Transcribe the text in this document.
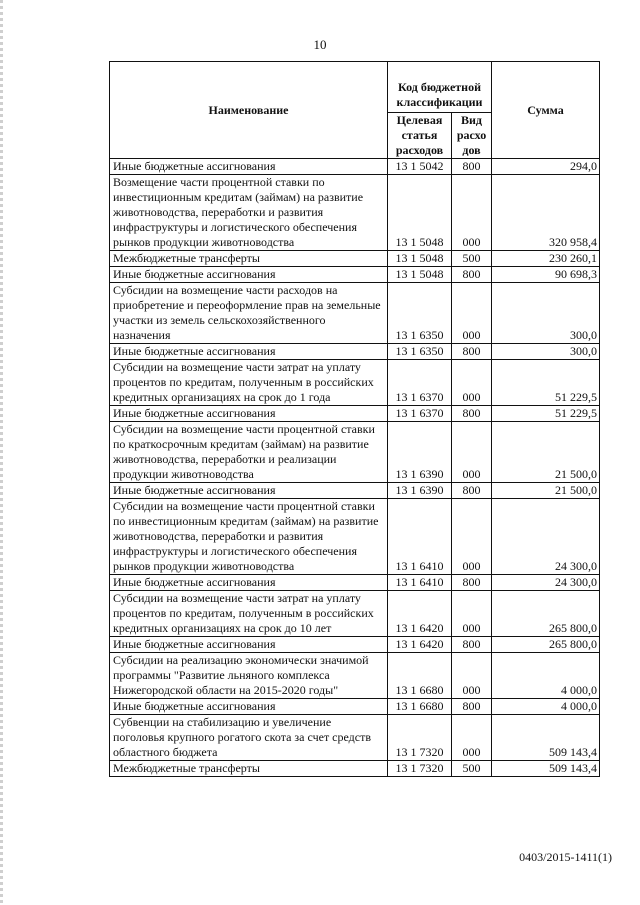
10
Наименование	Код бюджетной классификации		Сумма
	Целевая статья расходов	Вид расхо дов	
Иные бюджетные ассигнования	13 1 5042	800	294,0
Возмещение части процентной ставки по инвестиционным кредитам (займам) на развитие животноводства, переработки и развития инфраструктуры и логистического обеспечения рынков продукции животноводства	13 1 5048	000	320 958,4
Межбюджетные трансферты	13 1 5048	500	230 260,1
Иные бюджетные ассигнования	13 1 5048	800	90 698,3
Субсидии на возмещение части расходов на приобретение и переоформление прав на земельные участки из земель сельскохозяйственного назначения	13 1 6350	000	300,0
Иные бюджетные ассигнования	13 1 6350	800	300,0
Субсидии на возмещение части затрат на уплату процентов по кредитам, полученным в российских кредитных организациях на срок до 1 года	13 1 6370	000	51 229,5
Иные бюджетные ассигнования	13 1 6370	800	51 229,5
Субсидии на возмещение части процентной ставки по краткосрочным кредитам (займам) на развитие животноводства, переработки и реализации продукции животноводства	13 1 6390	000	21 500,0
Иные бюджетные ассигнования	13 1 6390	800	21 500,0
Субсидии на возмещение части процентной ставки по инвестиционным кредитам (займам) на развитие животноводства, переработки и развития инфраструктуры и логистического обеспечения рынков продукции животноводства	13 1 6410	000	24 300,0
Иные бюджетные ассигнования	13 1 6410	800	24 300,0
Субсидии на возмещение части затрат на уплату процентов по кредитам, полученным в российских кредитных организациях на срок до 10 лет	13 1 6420	000	265 800,0
Иные бюджетные ассигнования	13 1 6420	800	265 800,0
Субсидии на реализацию экономически значимой программы "Развитие льняного комплекса Нижегородской области на 2015-2020 годы"	13 1 6680	000	4 000,0
Иные бюджетные ассигнования	13 1 6680	800	4 000,0
Субвенции на стабилизацию и увеличение поголовья крупного рогатого скота за счет средств областного бюджета	13 1 7320	000	509 143,4
Межбюджетные трансферты	13 1 7320	500	509 143,4
0403/2015-1411(1)
